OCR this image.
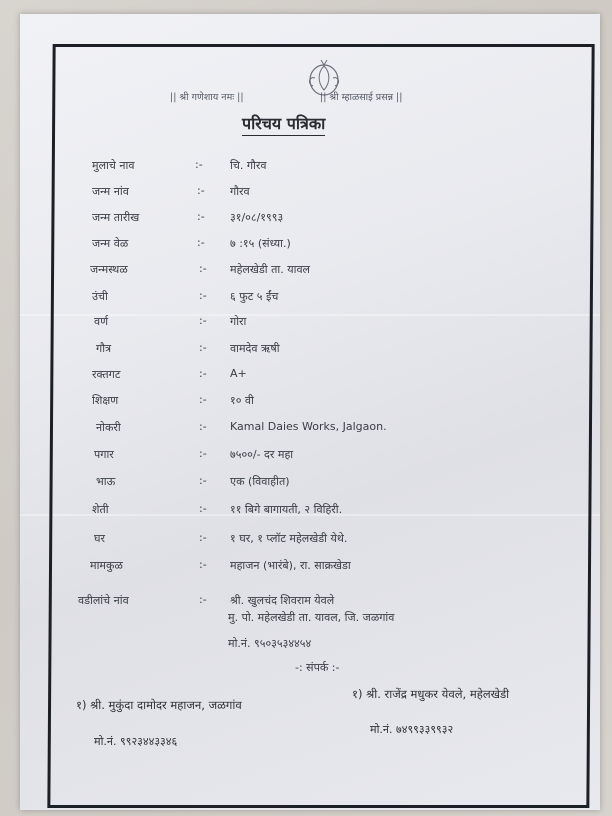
|| श्री गणेशाय नमः ||	|| श्री म्हाळसाई प्रसन्न ||
परिचय पत्रिका
मुलाचे नाव	:- चि. गौरव
जन्म नांव	:- गौरव
जन्म तारीख	:- ३१/०८/१९९३
जन्म वेळ	:- ७ :१५ (संध्या.)
जन्मस्थळ	:- महेलखेडी ता. यावल
उंची	:- ६ फुट ५ ईंच
वर्ण	:- गोरा
गौत्र	:- वामदेव ऋषी
रक्तगट	:- A+
शिक्षण	:- १० वी
नोकरी	:- Kamal Daies Works, Jalgaon.
पगार	:- ७५००/- दर महा
भाऊ	:- एक (विवाहीत)
शेती	:- ११ बिगे बागायती, २ विहिरी.
घर	:- १ घर, १ प्लॉट महेलखेडी येथे.
मामकुळ	:- महाजन (भारंबे), रा. साक्रखेडा
वडीलांचे नांव	:- श्री. खुलचंद शिवराम येवले
मु. पो. महेलखेडी ता. यावल, जि. जळगांव
मो.नं. ९५०३५३४४५४
-: संपर्क :-
१) श्री. मुकुंदा दामोदर महाजन, जळगांव
मो.नं. ९९२३४४३३४६
१) श्री. राजेंद्र मधुकर येवले, महेलखेडी
मो.नं. ७४९९३३९९३२
